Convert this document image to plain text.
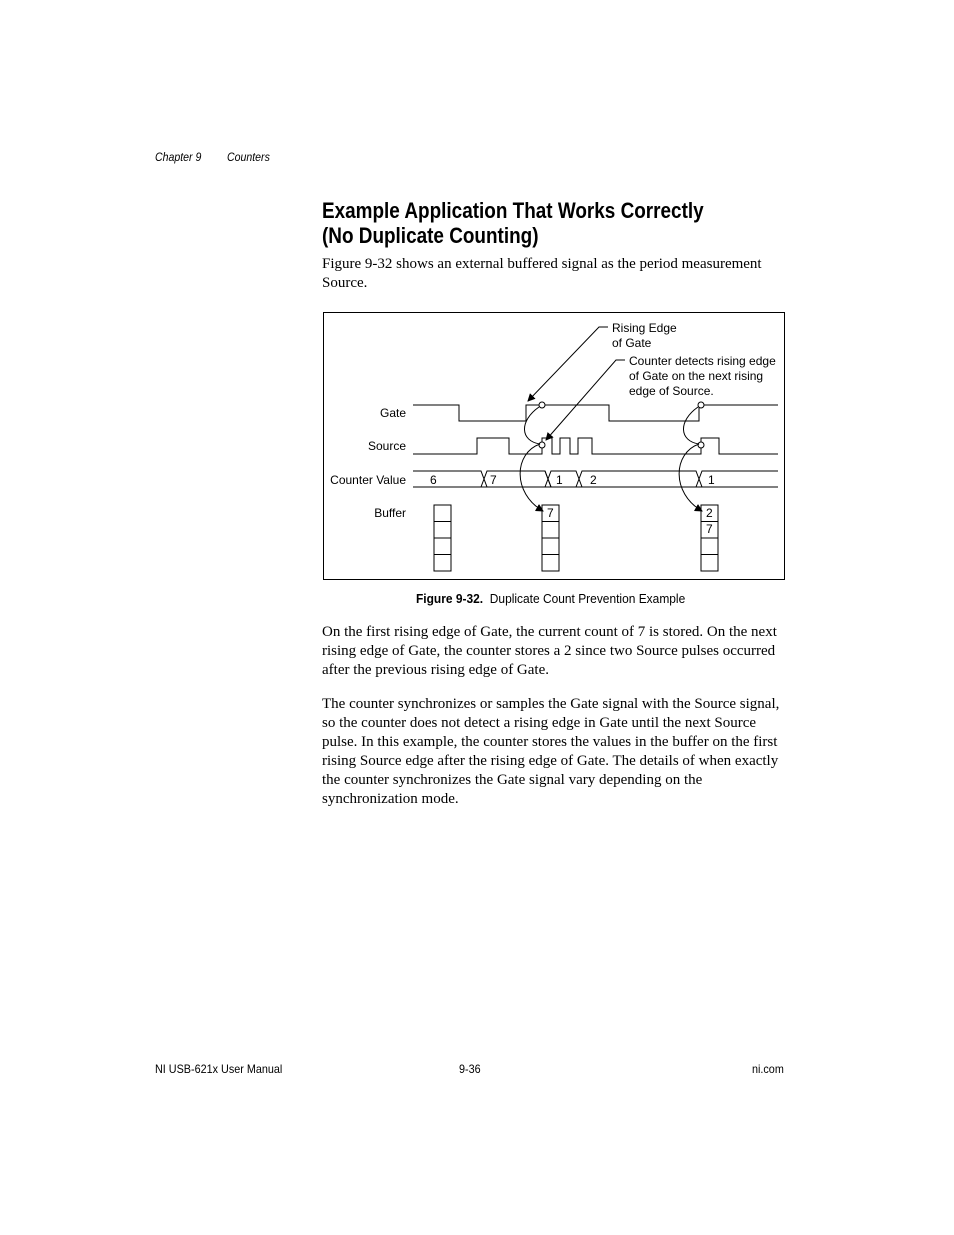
Chapter 9 Counters
Example Application That Works Correctly
(No Duplicate Counting)

Figure 9-32 shows an external buffered signal as the period measurement Source.

Gate
Source
Counter Value
Buffer
6	7	1 2	1
7	2
7
Rising Edge
of Gate
Counter detects rising edge
of Gate on the next rising
edge of Source.
Figure 9-32. Duplicate Count Prevention Example

On the first rising edge of Gate, the current count of 7 is stored. On the next rising edge of Gate, the counter stores a 2 since two Source pulses occurred after the previous rising edge of Gate.

The counter synchronizes or samples the Gate signal with the Source signal, so the counter does not detect a rising edge in Gate until the next Source pulse. In this example, the counter stores the values in the buffer on the first rising Source edge after the rising edge of Gate. The details of when exactly the counter synchronizes the Gate signal vary depending on the synchronization mode.

NI USB-621x User Manual	9-36	ni.com
